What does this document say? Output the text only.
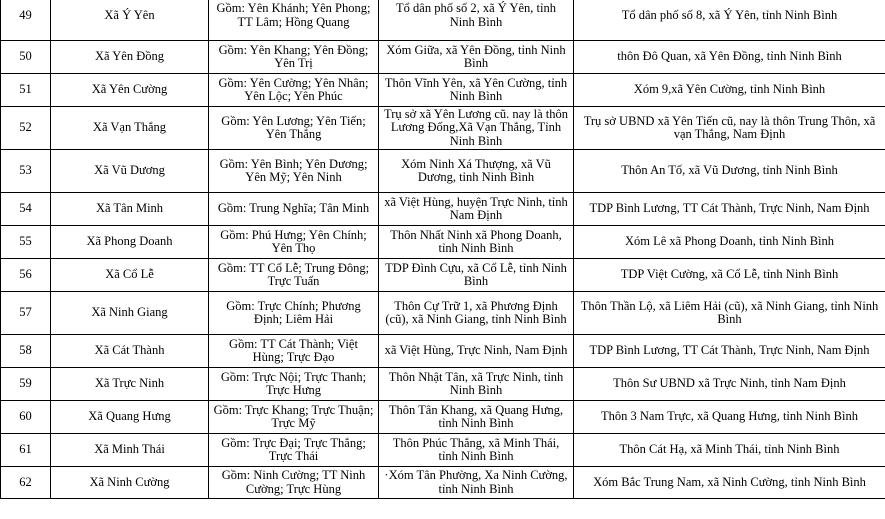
49	Xã Ý Yên	Gồm: Yên Khánh; Yên Phong; TT Lâm; Hồng Quang	Tổ dân phố số 2, xã Ý Yên, tỉnh Ninh Bình	Tổ dân phố số 8, xã Ý Yên, tỉnh Ninh Bình
50	Xã Yên Đồng	Gồm: Yên Khang; Yên Đồng; Yên Trị	Xóm Giữa, xã Yên Đồng, tỉnh Ninh Bình	thôn Đô Quan, xã Yên Đồng, tỉnh Ninh Bình
51	Xã Yên Cường	Gồm: Yên Cường; Yên Nhân; Yên Lộc; Yên Phúc	Thôn Vĩnh Yên, xã Yên Cường, tỉnh Ninh Bình	Xóm 9,xã Yên Cường, tỉnh Ninh Bình
52	Xã Vạn Thắng	Gồm: Yên Lương; Yên Tiến; Yên Thắng	Trụ sở xã Yên Lương cũ. nay là thôn Lương Đống,Xã Vạn Thắng, Tỉnh Ninh Bình	Trụ sở UBND xã Yên Tiến cũ, nay là thôn Trung Thôn, xã vạn Thắng, Nam Định
53	Xã Vũ Dương	Gồm: Yên Bình; Yên Dương; Yên Mỹ; Yên Ninh	Xóm Ninh Xá Thượng, xã Vũ Dương, tỉnh Ninh Bình	Thôn An Tố, xã Vũ Dương, tỉnh Ninh Bình
54	Xã Tân Minh	Gồm: Trung Nghĩa; Tân Minh	xã Việt Hùng, huyện Trực Ninh, tỉnh Nam Định	TDP Bình Lương, TT Cát Thành, Trực Ninh, Nam Định
55	Xã Phong Doanh	Gồm: Phú Hưng; Yên Chính; Yên Thọ	Thôn Nhất Ninh xã Phong Doanh, tỉnh Ninh Bình	Xóm Lê xã Phong Doanh, tỉnh Ninh Bình
56	Xã Cổ Lễ	Gồm: TT Cổ Lễ; Trung Đông; Trực Tuấn	TDP Đình Cựu, xã Cổ Lễ, tỉnh Ninh Bình	TDP Việt Cường, xã Cổ Lễ, tỉnh Ninh Bình
57	Xã Ninh Giang	Gồm: Trực Chính; Phương Định; Liêm Hải	Thôn Cự Trữ 1, xã Phương Định (cũ), xã Ninh Giang, tỉnh Ninh Bình	Thôn Thần Lộ, xã Liêm Hải (cũ), xã Ninh Giang, tỉnh Ninh Bình
58	Xã Cát Thành	Gồm: TT Cát Thành; Việt Hùng; Trực Đạo	xã Việt Hùng, Trực Ninh, Nam Định	TDP Bình Lương, TT Cát Thành, Trực Ninh, Nam Định
59	Xã Trực Ninh	Gồm: Trực Nội; Trực Thanh; Trực Hưng	Thôn Nhật Tân, xã Trực Ninh, tỉnh Ninh Bình	Thôn Sư UBND xã Trực Ninh, tỉnh Nam Định
60	Xã Quang Hưng	Gồm: Trực Khang; Trực Thuận; Trực Mỹ	Thôn Tân Khang, xã Quang Hưng, tỉnh Ninh Bình	Thôn 3 Nam Trực, xã Quang Hưng, tỉnh Ninh Bình
61	Xã Minh Thái	Gồm: Trực Đại; Trực Thắng; Trực Thái	Thôn Phúc Thắng, xã Minh Thái, tỉnh Ninh Bình	Thôn Cát Hạ, xã Minh Thái, tỉnh Ninh Bình
62	Xã Ninh Cường	Gồm: Ninh Cường; TT Ninh Cường; Trực Hùng	·Xóm Tân Phường, Xa Ninh Cường, tỉnh Ninh Bình	Xóm Bắc Trung Nam, xã Ninh Cường, tỉnh Ninh Bình
